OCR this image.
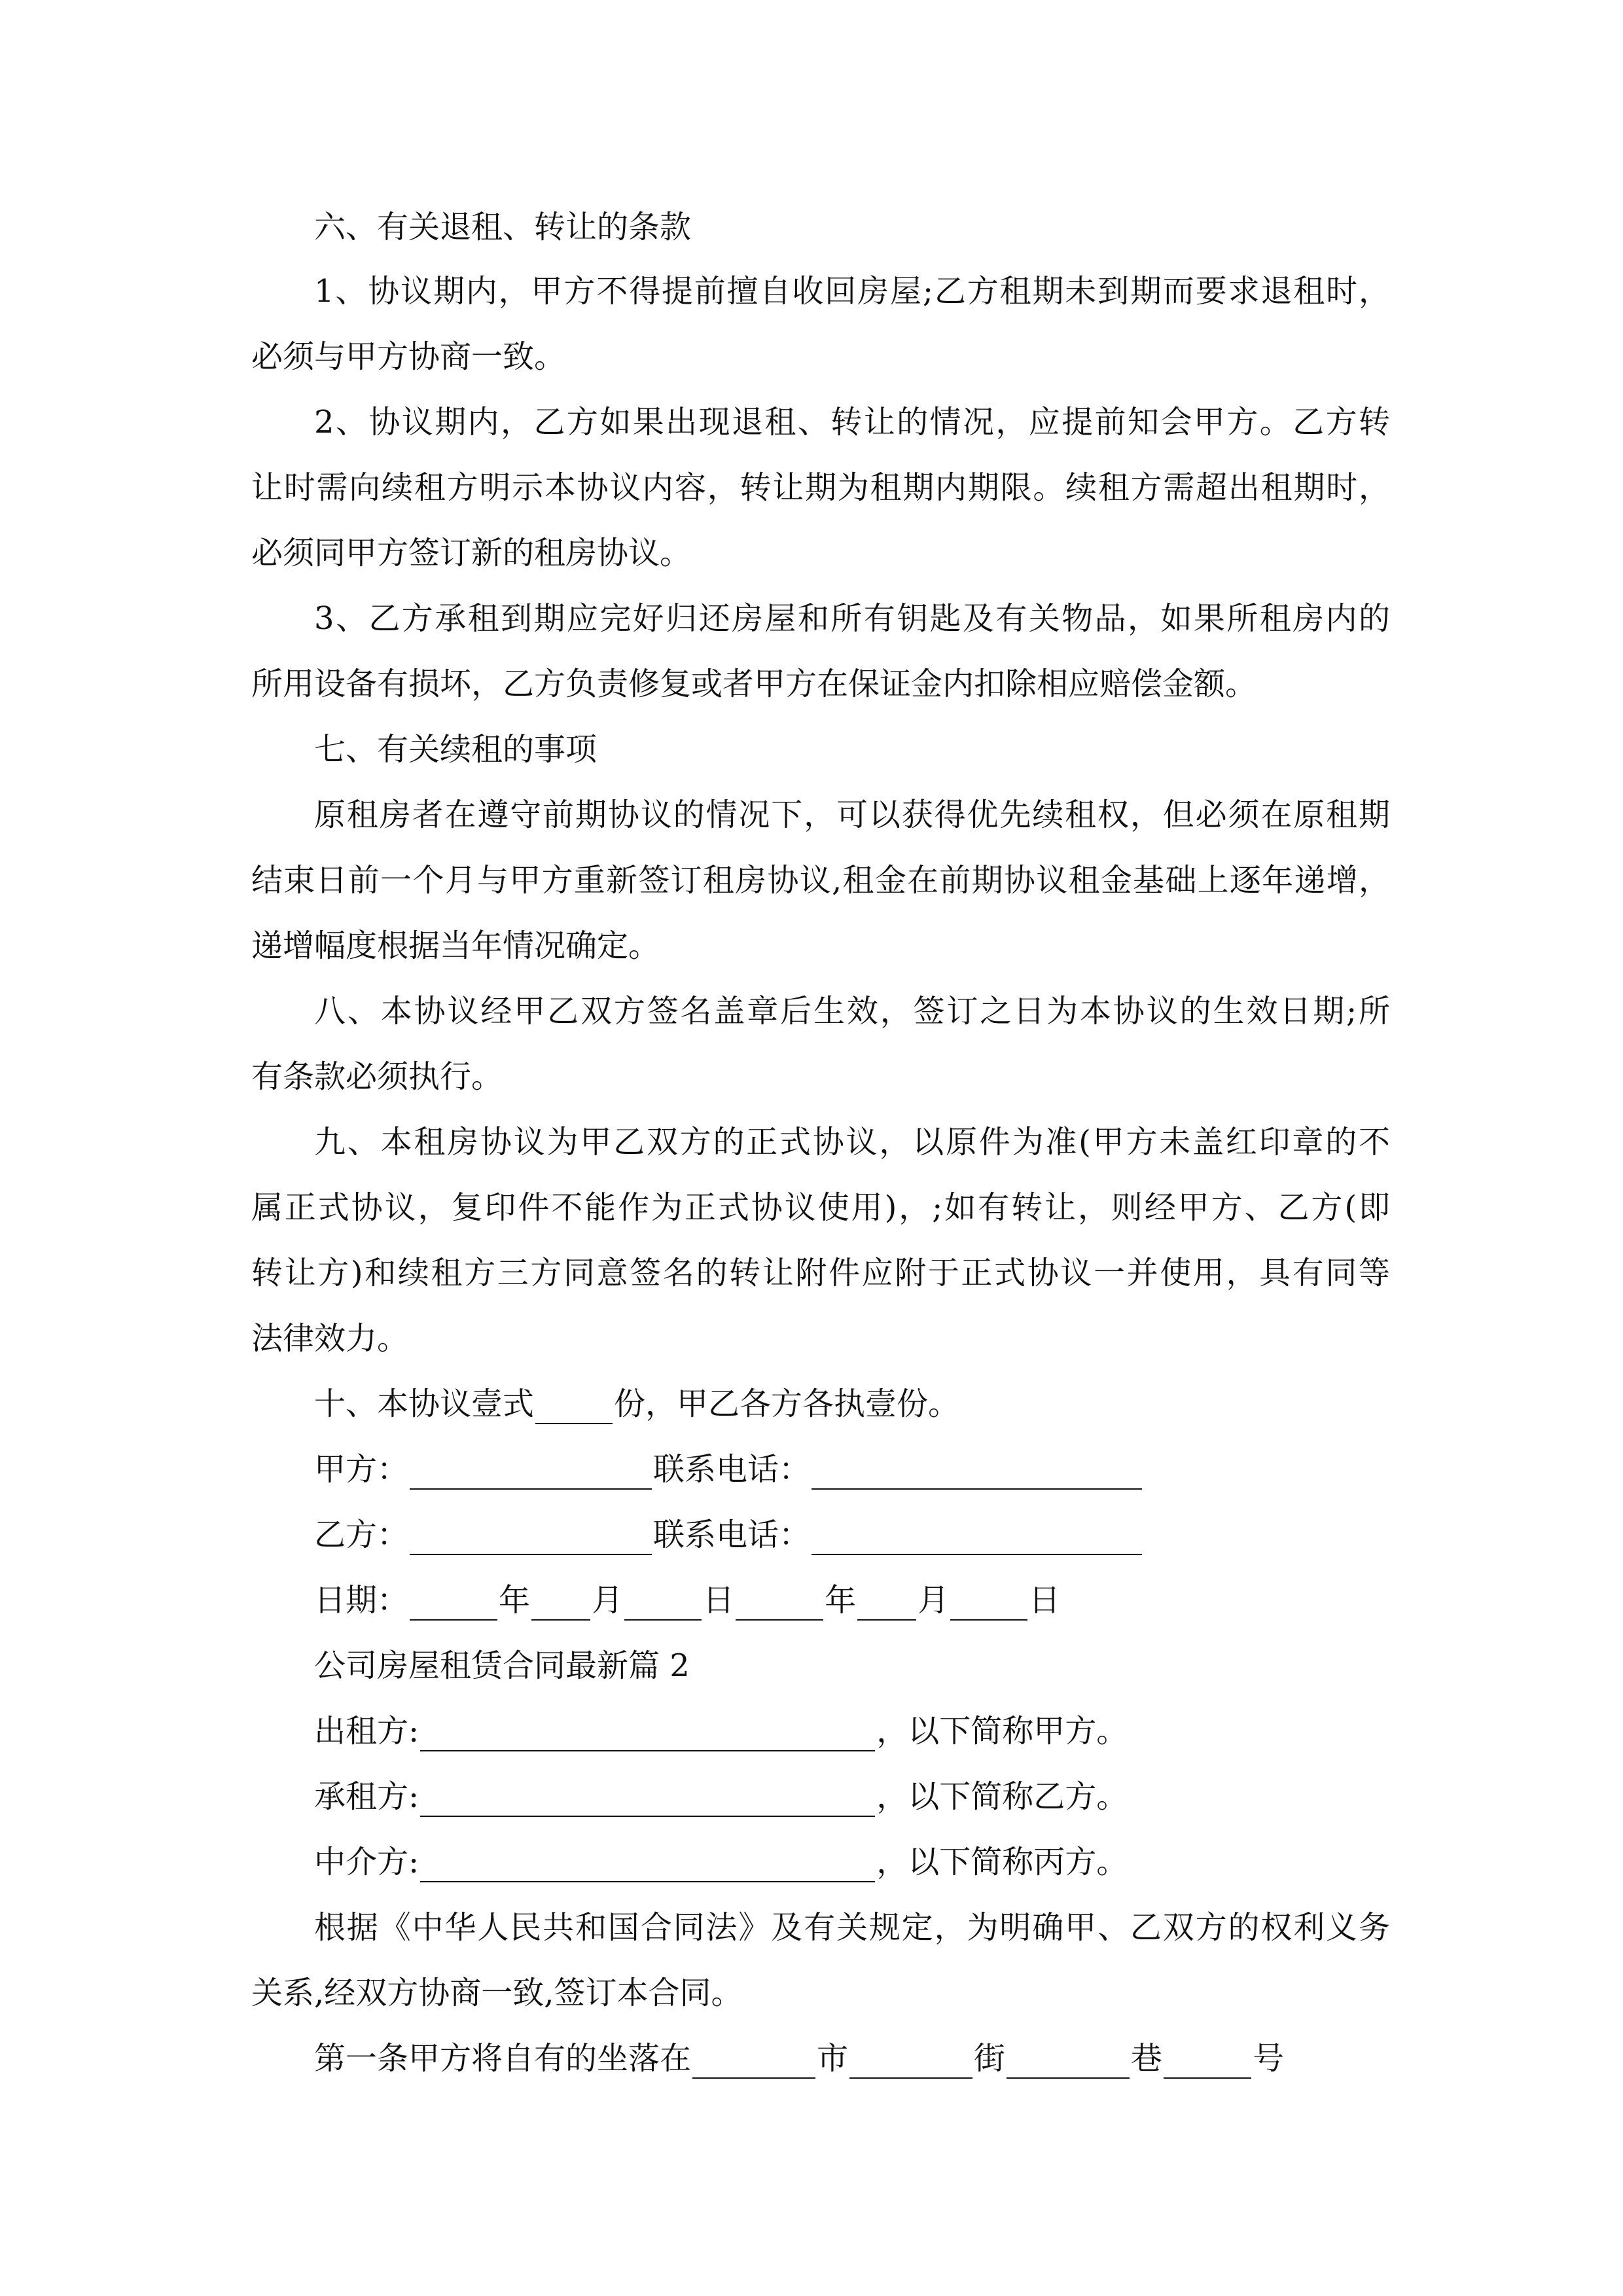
六、有关退租、转让的条款
1、协议期内，甲方不得提前擅自收回房屋;乙方租期未到期而要求退租时，
必须与甲方协商一致。
2、协议期内，乙方如果出现退租、转让的情况，应提前知会甲方。乙方转
让时需向续租方明示本协议内容，转让期为租期内期限。续租方需超出租期时，
必须同甲方签订新的租房协议。
3、乙方承租到期应完好归还房屋和所有钥匙及有关物品，如果所租房内的
所用设备有损坏，乙方负责修复或者甲方在保证金内扣除相应赔偿金额。
七、有关续租的事项
原租房者在遵守前期协议的情况下，可以获得优先续租权，但必须在原租期
结束日前一个月与甲方重新签订租房协议,租金在前期协议租金基础上逐年递增，
递增幅度根据当年情况确定。
八、本协议经甲乙双方签名盖章后生效，签订之日为本协议的生效日期;所
有条款必须执行。
九、本租房协议为甲乙双方的正式协议，以原件为准(甲方未盖红印章的不
属正式协议，复印件不能作为正式协议使用)，;如有转让，则经甲方、乙方(即
转让方)和续租方三方同意签名的转让附件应附于正式协议一并使用，具有同等
法律效力。
十、本协议壹式	份，甲乙各方各执壹份。
甲方：	联系电话：
乙方：	联系电话：
日期：	年 月	日	年 月	日
公司房屋租赁合同最新篇 2
出租方:	，以下简称甲方。
承租方:	，以下简称乙方。
中介方:	，以下简称丙方。
根据《中华人民共和国合同法》及有关规定，为明确甲、乙双方的权利义务
关系,经双方协商一致,签订本合同。
第一条甲方将自有的坐落在	市	街	巷	号
